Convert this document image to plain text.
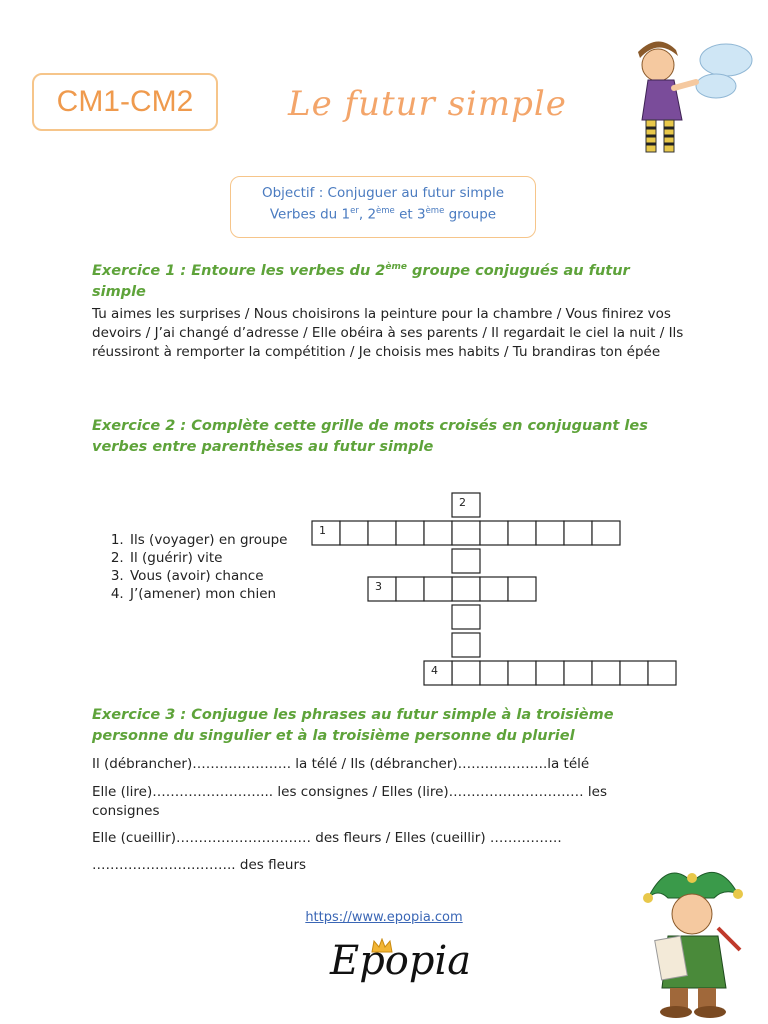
CM1-CM2	Le futur simple
Objectif : Conjuguer au futur simple
Verbes du 1er, 2ème et 3ème groupe
Exercice 1 : Entoure les verbes du 2ème groupe conjugués au futur simple
Tu aimes les surprises / Nous choisirons la peinture pour la chambre / Vous finirez vos devoirs / J’ai changé d’adresse / Elle obéira à ses parents / Il regardait le ciel la nuit / Ils réussiront à remporter la compétition / Je choisis mes habits / Tu brandiras ton épée
Exercice 2 : Complète cette grille de mots croisés en conjuguant les verbes entre parenthèses au futur simple
1. Ils (voyager) en groupe
2. Il (guérir) vite
3. Vous (avoir) chance
4. J’(amener) mon chien
1
2
3
4
Exercice 3 : Conjugue les phrases au futur simple à la troisième personne du singulier et à la troisième personne du pluriel
Il (débrancher)…………………. la télé / Ils (débrancher)………………..la télé
Elle (lire)……………………... les consignes / Elles (lire)………………………… les consignes
Elle (cueillir)………………………… des fleurs / Elles (cueillir) …………….
………………………….. des fleurs
https://www.epopia.com
Epopia
